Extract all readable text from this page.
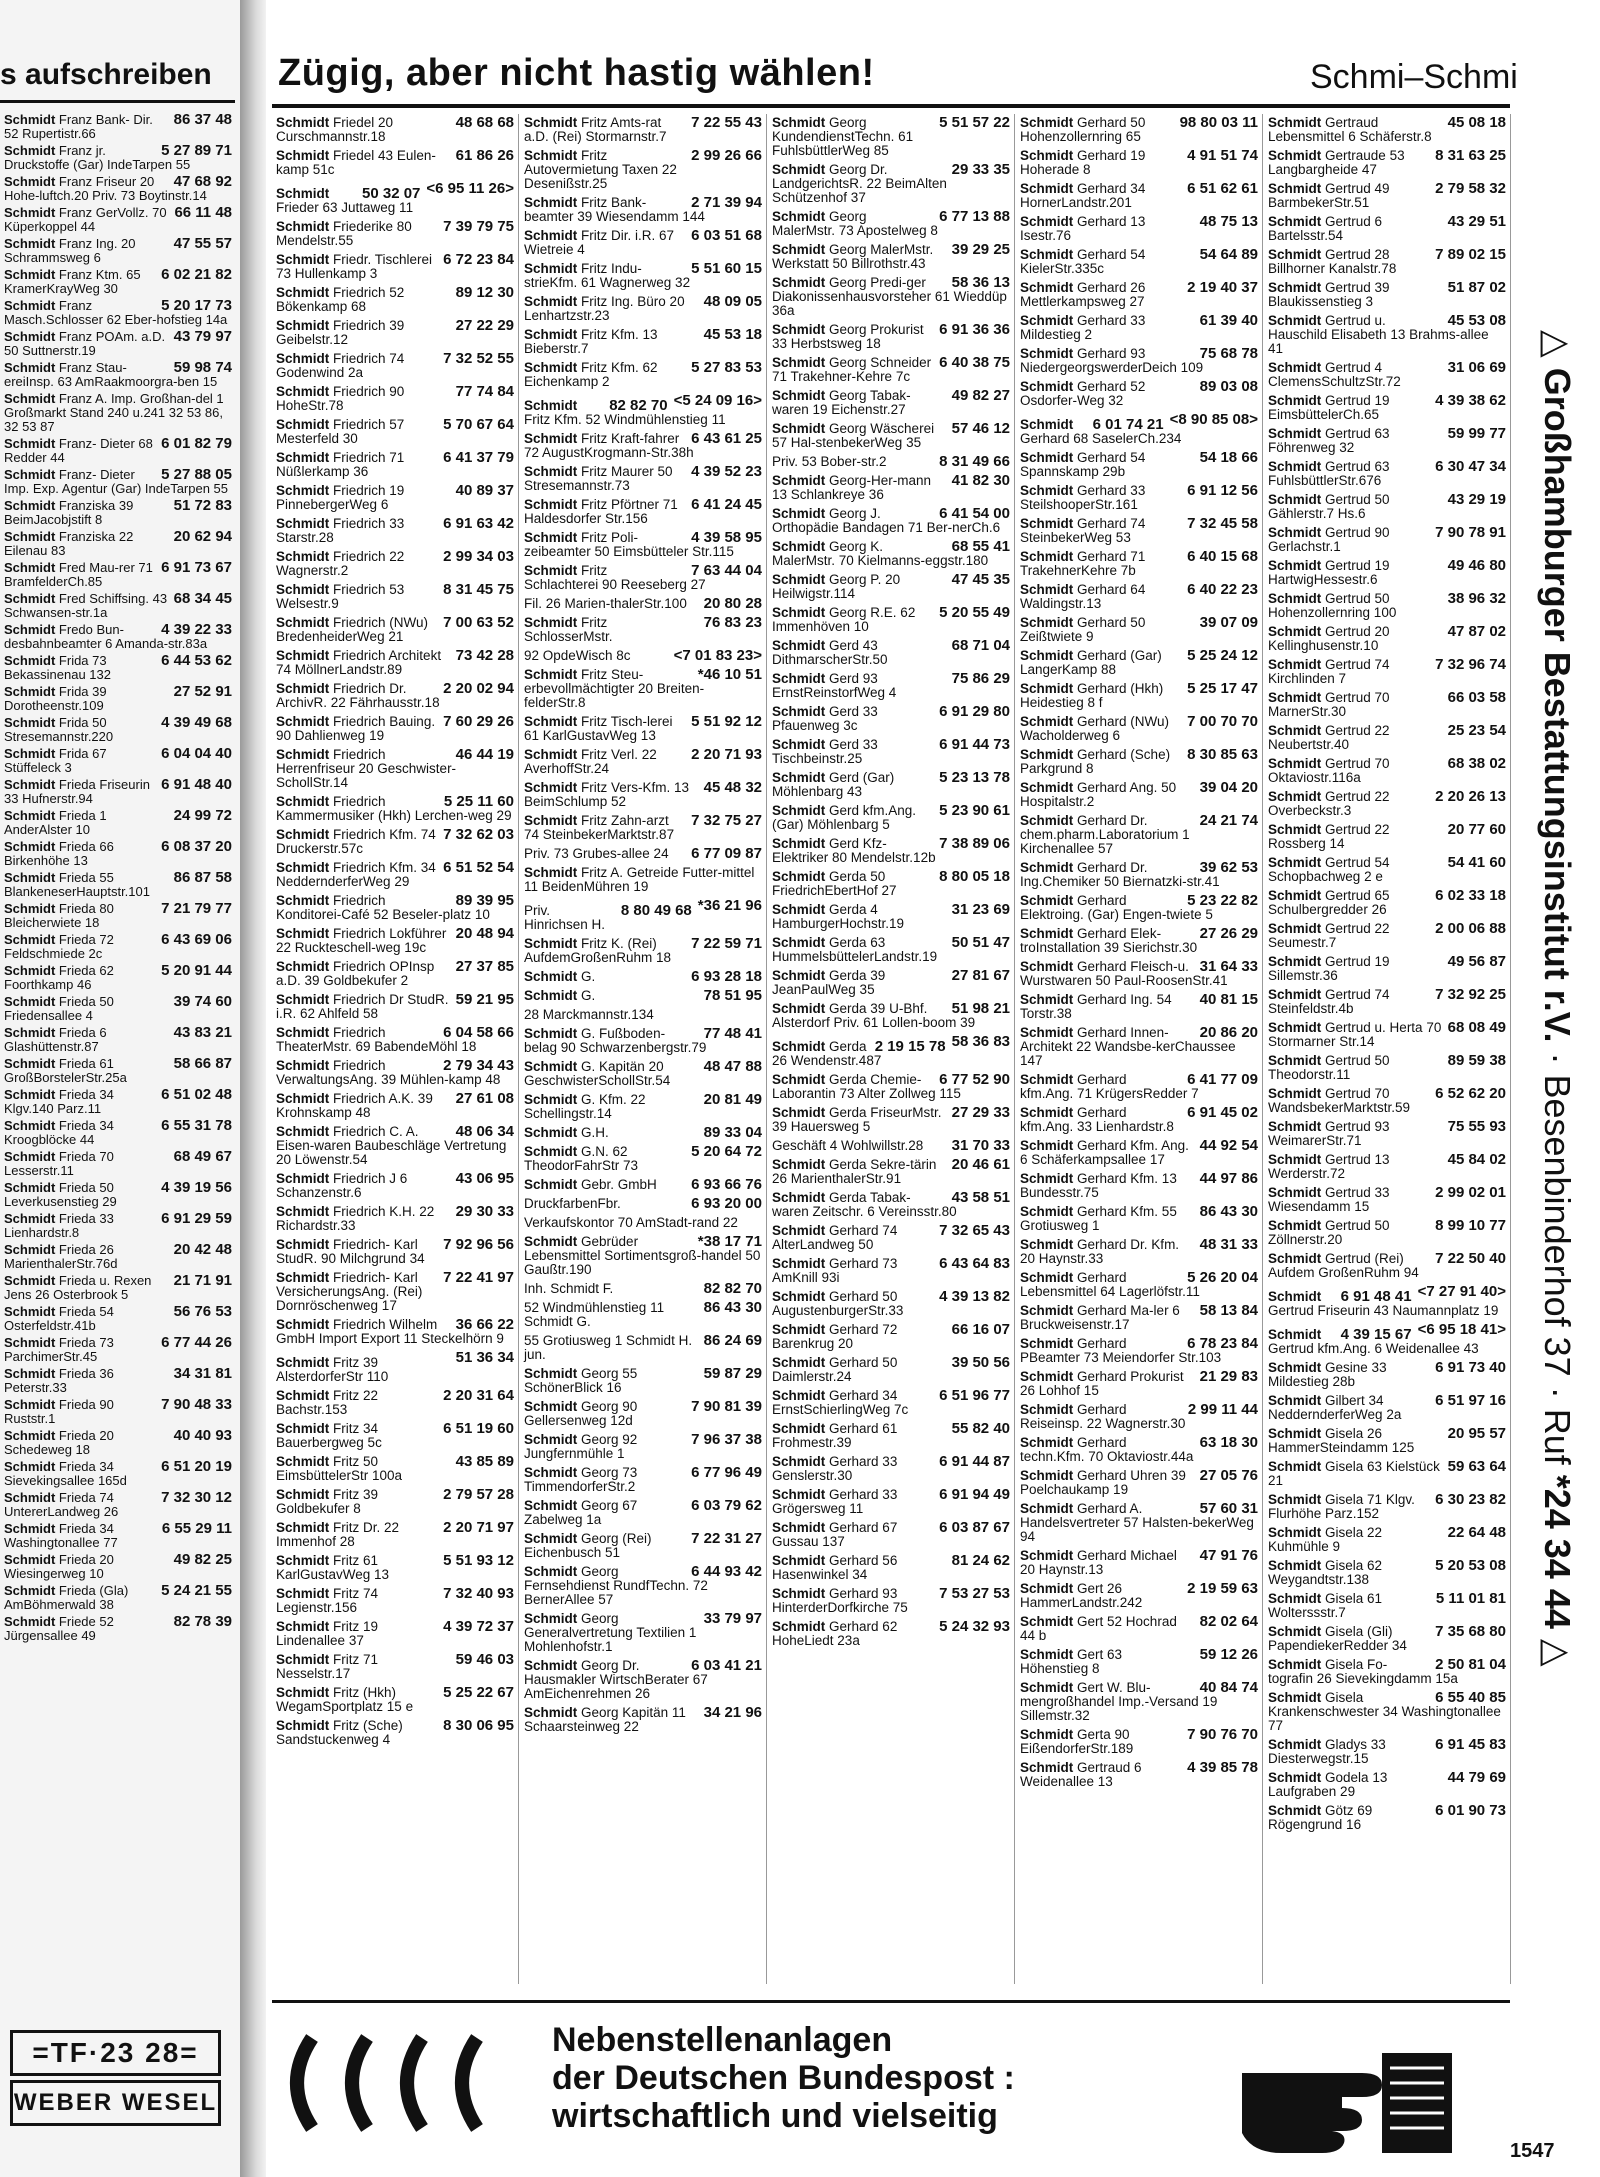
s aufschreiben
86 37 48
Schmidt Franz Bank- Dir. 52 Rupertistr.66
5 27 89 71
Schmidt Franz jr. Druckstoffe (Gar) IndeTarpen 55
47 68 92
Schmidt Franz Friseur 20 Hohe-luftch.20 Priv. 73 Boytinstr.14
66 11 48
Schmidt Franz GerVollz. 70 Küperkoppel 44
47 55 57
Schmidt Franz Ing. 20 Schrammsweg 6
6 02 21 82
Schmidt Franz Ktm. 65 KramerKrayWeg 30
5 20 17 73
Schmidt Franz Masch.Schlosser 62 Eber-hofstieg 14a
43 79 97
Schmidt Franz POAm. a.D. 50 Suttnerstr.19
59 98 74
Schmidt Franz Stau-ereiInsp. 63 AmRaakmoorgra-ben 15
Schmidt Franz A. Imp. Großhan-del 1 Großmarkt Stand 240 u.241 32 53 86, 32 53 87
6 01 82 79
Schmidt Franz- Dieter 68 Redder 44
5 27 88 05
Schmidt Franz- Dieter Imp. Exp. Agentur (Gar) IndeTarpen 55
51 72 83
Schmidt Franziska 39 BeimJacobjstift 8
20 62 94
Schmidt Franziska 22 Eilenau 83
6 91 73 67
Schmidt Fred Mau-rer 71 BramfelderCh.85
68 34 45
Schmidt Fred Schiffsing. 43 Schwansen-str.1a
4 39 22 33
Schmidt Fredo Bun-desbahnbeamter 6 Amanda-str.83a
6 44 53 62
Schmidt Frida 73 Bekassinenau 132
27 52 91
Schmidt Frida 39 Dorotheenstr.109
4 39 49 68
Schmidt Frida 50 Stresemannstr.220
6 04 04 40
Schmidt Frida 67 Stüffeleck 3
6 91 48 40
Schmidt Frieda Friseurin 33 Hufnerstr.94
24 99 72
Schmidt Frieda 1 AnderAlster 10
6 08 37 20
Schmidt Frieda 66 Birkenhöhe 13
86 87 58
Schmidt Frieda 55 BlankeneserHauptstr.101
7 21 79 77
Schmidt Frieda 80 Bleicherwiete 18
6 43 69 06
Schmidt Frieda 72 Feldschmiede 2c
5 20 91 44
Schmidt Frieda 62 Foorthkamp 46
39 74 60
Schmidt Frieda 50 Friedensallee 4
43 83 21
Schmidt Frieda 6 Glashüttenstr.87
58 66 87
Schmidt Frieda 61 GroßBorstelerStr.25a
6 51 02 48
Schmidt Frieda 34 Klgv.140 Parz.11
6 55 31 78
Schmidt Frieda 34 Kroogblöcke 44
68 49 67
Schmidt Frieda 70 Lesserstr.11
4 39 19 56
Schmidt Frieda 50 Leverkusenstieg 29
6 91 29 59
Schmidt Frieda 33 Lienhardstr.8
20 42 48
Schmidt Frieda 26 MarienthalerStr.76d
21 71 91
Schmidt Frieda u. Rexen Jens 26 Osterbrook 5
56 76 53
Schmidt Frieda 54 Osterfeldstr.41b
6 77 44 26
Schmidt Frieda 73 ParchimerStr.45
34 31 81
Schmidt Frieda 36 Peterstr.33
7 90 48 33
Schmidt Frieda 90 Ruststr.1
40 40 93
Schmidt Frieda 20 Schedeweg 18
6 51 20 19
Schmidt Frieda 34 Sievekingsallee 165d
7 32 30 12
Schmidt Frieda 74 UntererLandweg 26
6 55 29 11
Schmidt Frieda 34 Washingtonallee 77
49 82 25
Schmidt Frieda 20 Wiesingerweg 10
5 24 21 55
Schmidt Frieda (Gla) AmBöhmerwald 38
82 78 39
Schmidt Friede 52 Jürgensallee 49
Zügig, aber nicht hastig wählen!	Schmi–Schmi
48 68 68
Schmidt Friedel 20 Curschmannstr.18
61 86 26
Schmidt Friedel 43 Eulen-kamp 51c
<6 95 11 26>
50 32 07
Schmidt Frieder 63 Juttaweg 11
7 39 79 75
Schmidt Friederike 80 Mendelstr.55
6 72 23 84
Schmidt Friedr. Tischlerei 73 Hullenkamp 3
89 12 30
Schmidt Friedrich 52 Bökenkamp 68
27 22 29
Schmidt Friedrich 39 Geibelstr.12
7 32 52 55
Schmidt Friedrich 74 Godenwind 2a
77 74 84
Schmidt Friedrich 90 HoheStr.78
5 70 67 64
Schmidt Friedrich 57 Mesterfeld 30
6 41 37 79
Schmidt Friedrich 71 Nüßlerkamp 36
40 89 37
Schmidt Friedrich 19 PinnebergerWeg 6
6 91 63 42
Schmidt Friedrich 33 Starstr.28
2 99 34 03
Schmidt Friedrich 22 Wagnerstr.2
8 31 45 75
Schmidt Friedrich 53 Welsestr.9
7 00 63 52
Schmidt Friedrich (NWu) BredenheiderWeg 21
73 42 28
Schmidt Friedrich Architekt 74 MöllnerLandstr.89
2 20 02 94
Schmidt Friedrich Dr. ArchivR. 22 Fährhausstr.18
7 60 29 26
Schmidt Friedrich Bauing. 90 Dahlienweg 19
46 44 19
Schmidt Friedrich Herrenfriseur 20 Geschwister-SchollStr.14
5 25 11 60
Schmidt Friedrich Kammermusiker (Hkh) Lerchen-weg 29
7 32 62 03
Schmidt Friedrich Kfm. 74 Druckerstr.57c
6 51 52 54
Schmidt Friedrich Kfm. 34 NeddernderferWeg 29
89 39 95
Schmidt Friedrich Konditorei-Café 52 Beseler-platz 10
20 48 94
Schmidt Friedrich Lokführer 22 Ruckteschell-weg 19c
27 37 85
Schmidt Friedrich OPInsp a.D. 39 Goldbekufer 2
59 21 95
Schmidt Friedrich Dr StudR. i.R. 62 Ahlfeld 58
6 04 58 66
Schmidt Friedrich TheaterMstr. 69 BabendeMöhl 18
2 79 34 43
Schmidt Friedrich VerwaltungsAng. 39 Mühlen-kamp 48
27 61 08
Schmidt Friedrich A.K. 39 Krohnskamp 48
48 06 34
Schmidt Friedrich C. A. Eisen-waren Baubeschläge Vertretung 20 Löwenstr.54
43 06 95
Schmidt Friedrich J 6 Schanzenstr.6
29 30 33
Schmidt Friedrich K.H. 22 Richardstr.33
7 92 96 56
Schmidt Friedrich- Karl StudR. 90 Milchgrund 34
7 22 41 97
Schmidt Friedrich- Karl VersicherungsAng. (Rei) Dornröschenweg 17
36 66 22
Schmidt Friedrich Wilhelm GmbH Import Export 11 Steckelhörn 9
51 36 34
Schmidt Fritz 39 AlsterdorferStr 110
2 20 31 64
Schmidt Fritz 22 Bachstr.153
6 51 19 60
Schmidt Fritz 34 Bauerbergweg 5c
43 85 89
Schmidt Fritz 50 EimsbüttelerStr 100a
2 79 57 28
Schmidt Fritz 39 Goldbekufer 8
2 20 71 97
Schmidt Fritz Dr. 22 Immenhof 28
5 51 93 12
Schmidt Fritz 61 KarlGustavWeg 13
7 32 40 93
Schmidt Fritz 74 Legienstr.156
4 39 72 37
Schmidt Fritz 19 Lindenallee 37
59 46 03
Schmidt Fritz 71 Nesselstr.17
5 25 22 67
Schmidt Fritz (Hkh) WegamSportplatz 15 e
8 30 06 95
Schmidt Fritz (Sche) Sandstuckenweg 4
7 22 55 43
Schmidt Fritz Amts-rat a.D. (Rei) Stormarnstr.7
2 99 26 66
Schmidt Fritz Autovermietung Taxen 22 Desenißstr.25
2 71 39 94
Schmidt Fritz Bank-beamter 39 Wiesendamm 144
6 03 51 68
Schmidt Fritz Dir. i.R. 67 Wietreie 4
5 51 60 15
Schmidt Fritz Indu-strieKfm. 61 Wagnerweg 32
48 09 05
Schmidt Fritz Ing. Büro 20 Lenhartzstr.23
45 53 18
Schmidt Fritz Kfm. 13 Bieberstr.7
5 27 83 53
Schmidt Fritz Kfm. 62 Eichenkamp 2
<5 24 09 16>
82 82 70
Schmidt Fritz Kfm. 52 Windmühlenstieg 11
6 43 61 25
Schmidt Fritz Kraft-fahrer 72 AugustKrogmann-Str.38h
4 39 52 23
Schmidt Fritz Maurer 50 Stresemannstr.73
6 41 24 45
Schmidt Fritz Pförtner 71 Haldesdorfer Str.156
4 39 58 95
Schmidt Fritz Poli-zeibeamter 50 Eimsbütteler Str.115
7 63 44 04
Schmidt Fritz Schlachterei 90 Reeseberg 27
20 80 28
Fil. 26 Marien-thalerStr.100
76 83 23
Schmidt Fritz SchlosserMstr.
<7 01 83 23>
92 OpdeWisch 8c
*46 10 51
Schmidt Fritz Steu-erbevollmächtigter 20 Breiten-felderStr.8
5 51 92 12
Schmidt Fritz Tisch-lerei 61 KarlGustavWeg 13
2 20 71 93
Schmidt Fritz Verl. 22 AverhoffStr.24
45 48 32
Schmidt Fritz Vers-Kfm. 13 BeimSchlump 52
7 32 75 27
Schmidt Fritz Zahn-arzt 74 SteinbekerMarktstr.87
6 77 09 87
Priv. 73 Grubes-allee 24
Schmidt Fritz A. Getreide Futter-mittel 11 BeidenMühren 19
*36 21 96
8 80 49 68
Priv. Hinrichsen H.
7 22 59 71
Schmidt Fritz K. (Rei) AufdemGroßenRuhm 18
6 93 28 18
Schmidt G.
78 51 95
Schmidt G.
28 Marckmannstr.134
77 48 41
Schmidt G. Fußboden-belag 90 Schwarzenbergstr.79
48 47 88
Schmidt G. Kapitän 20 GeschwisterSchollStr.54
20 81 49
Schmidt G. Kfm. 22 Schellingstr.14
89 33 04
Schmidt G.H.
5 20 64 72
Schmidt G.N. 62 TheodorFahrStr 73
6 93 66 76
Schmidt Gebr. GmbH
6 93 20 00
DruckfarbenFbr.
Verkaufskontor 70 AmStadt-rand 22
*38 17 71
Schmidt Gebrüder Lebensmittel Sortimentsgroß-handel 50 Gaußtr.190
82 82 70
Inh. Schmidt F.
86 43 30
52 Windmühlenstieg 11 Schmidt G.
86 24 69
55 Grotiusweg 1 Schmidt H. jun.
59 87 29
Schmidt Georg 55 SchönerBlick 16
7 90 81 39
Schmidt Georg 90 Gellersenweg 12d
7 96 37 38
Schmidt Georg 92 Jungfernmühle 1
6 77 96 49
Schmidt Georg 73 TimmendorferStr.2
6 03 79 62
Schmidt Georg 67 Zabelweg 1a
7 22 31 27
Schmidt Georg (Rei) Eichenbusch 51
6 44 93 42
Schmidt Georg Fernsehdienst RundfTechn. 72 BernerAllee 57
33 79 97
Schmidt Georg Generalvertretung Textilien 1 Mohlenhofstr.1
6 03 41 21
Schmidt Georg Dr. Hausmakler WirtschBerater 67 AmEichenrehmen 26
34 21 96
Schmidt Georg Kapitän 11 Schaarsteinweg 22
5 51 57 22
Schmidt Georg KundendienstTechn. 61 FuhlsbüttlerWeg 85
29 33 35
Schmidt Georg Dr. LandgerichtsR. 22 BeimAlten Schützenhof 37
6 77 13 88
Schmidt Georg MalerMstr. 73 Apostelweg 8
39 29 25
Schmidt Georg MalerMstr. Werkstatt 50 Billrothstr.43
58 36 13
Schmidt Georg Predi-ger Diakonissenhausvorsteher 61 Wieddüp 36a
6 91 36 36
Schmidt Georg Prokurist 33 Herbstsweg 18
6 40 38 75
Schmidt Georg Schneider 71 Trakehner-Kehre 7c
49 82 27
Schmidt Georg Tabak-waren 19 Eichenstr.27
57 46 12
Schmidt Georg Wäscherei 57 Hal-stenbekerWeg 35
8 31 49 66
Priv. 53 Bober-str.2
41 82 30
Schmidt Georg-Her-mann 13 Schlankreye 36
6 41 54 00
Schmidt Georg J. Orthopädie Bandagen 71 Ber-nerCh.6
68 55 41
Schmidt Georg K. MalerMstr. 70 Kielmanns-eggstr.180
47 45 35
Schmidt Georg P. 20 Heilwigstr.114
5 20 55 49
Schmidt Georg R.E. 62 Immenhöven 10
68 71 04
Schmidt Gerd 43 DithmarscherStr.50
75 86 29
Schmidt Gerd 93 ErnstReinstorfWeg 4
6 91 29 80
Schmidt Gerd 33 Pfauenweg 3c
6 91 44 73
Schmidt Gerd 33 Tischbeinstr.25
5 23 13 78
Schmidt Gerd (Gar) Möhlenbarg 43
5 23 90 61
Schmidt Gerd kfm.Ang. (Gar) Möhlenbarg 5
7 38 89 06
Schmidt Gerd Kfz-Elektriker 80 Mendelstr.12b
8 80 05 18
Schmidt Gerda 50 FriedrichEbertHof 27
31 23 69
Schmidt Gerda 4 HamburgerHochstr.19
50 51 47
Schmidt Gerda 63 HummelsbüttelerLandstr.19
27 81 67
Schmidt Gerda 39 JeanPaulWeg 35
51 98 21
Schmidt Gerda 39 U-Bhf. Alsterdorf Priv. 61 Lollen-boom 39
58 36 83
2 19 15 78
Schmidt Gerda 26 Wendenstr.487
6 77 52 90
Schmidt Gerda Chemie-Laborantin 73 Alter Zollweg 115
27 29 33
Schmidt Gerda FriseurMstr. 39 Hauersweg 5
31 70 33
Geschäft 4 Wohlwillstr.28
20 46 61
Schmidt Gerda Sekre-tärin 26 MarienthalerStr.91
43 58 51
Schmidt Gerda Tabak-waren Zeitschr. 6 Vereinsstr.80
7 32 65 43
Schmidt Gerhard 74 AlterLandweg 50
6 43 64 83
Schmidt Gerhard 73 AmKnill 93i
4 39 13 82
Schmidt Gerhard 50 AugustenburgerStr.33
66 16 07
Schmidt Gerhard 72 Barenkrug 20
39 50 56
Schmidt Gerhard 50 Daimlerstr.24
6 51 96 77
Schmidt Gerhard 34 ErnstSchierlingWeg 7c
55 82 40
Schmidt Gerhard 61 Frohmestr.39
6 91 44 87
Schmidt Gerhard 33 Genslerstr.30
6 91 94 49
Schmidt Gerhard 33 Grögersweg 11
6 03 87 67
Schmidt Gerhard 67 Gussau 137
81 24 62
Schmidt Gerhard 56 Hasenwinkel 34
7 53 27 53
Schmidt Gerhard 93 HinterderDorfkirche 75
5 24 32 93
Schmidt Gerhard 62 HoheLiedt 23a
98 80 03 11
Schmidt Gerhard 50 Hohenzollernring 65
4 91 51 74
Schmidt Gerhard 19 Hoherade 8
6 51 62 61
Schmidt Gerhard 34 HornerLandstr.201
48 75 13
Schmidt Gerhard 13 Isestr.76
54 64 89
Schmidt Gerhard 54 KielerStr.335c
2 19 40 37
Schmidt Gerhard 26 Mettlerkampsweg 27
61 39 40
Schmidt Gerhard 33 Mildestieg 2
75 68 78
Schmidt Gerhard 93 NiedergeorgswerderDeich 109
89 03 08
Schmidt Gerhard 52 Osdorfer-Weg 32
<8 90 85 08>
6 01 74 21
Schmidt Gerhard 68 SaselerCh.234
54 18 66
Schmidt Gerhard 54 Spannskamp 29b
6 91 12 56
Schmidt Gerhard 33 SteilshooperStr.161
7 32 45 58
Schmidt Gerhard 74 SteinbekerWeg 53
6 40 15 68
Schmidt Gerhard 71 TrakehnerKehre 7b
6 40 22 23
Schmidt Gerhard 64 Waldingstr.13
39 07 09
Schmidt Gerhard 50 Zeißtwiete 9
5 25 24 12
Schmidt Gerhard (Gar) LangerKamp 88
5 25 17 47
Schmidt Gerhard (Hkh) Heidestieg 8 f
7 00 70 70
Schmidt Gerhard (NWu) Wacholderweg 6
8 30 85 63
Schmidt Gerhard (Sche) Parkgrund 8
39 04 20
Schmidt Gerhard Ang. 50 Hospitalstr.2
24 21 74
Schmidt Gerhard Dr. chem.pharm.Laboratorium 1 Kirchenallee 57
39 62 53
Schmidt Gerhard Dr. Ing.Chemiker 50 Biernatzki-str.41
5 23 22 82
Schmidt Gerhard Elektroing. (Gar) Engen-twiete 5
27 26 29
Schmidt Gerhard Elek-troInstallation 39 Sierichstr.30
31 64 33
Schmidt Gerhard Fleisch-u. Wurstwaren 50 Paul-RoosenStr.41
40 81 15
Schmidt Gerhard Ing. 54 Torstr.38
20 86 20
Schmidt Gerhard Innen-Architekt 22 Wandsbe-kerChaussee 147
6 41 77 09
Schmidt Gerhard kfm.Ang. 71 KrügersRedder 7
6 91 45 02
Schmidt Gerhard kfm.Ang. 33 Lienhardstr.8
44 92 54
Schmidt Gerhard Kfm. Ang. 6 Schäferkampsallee 17
44 97 86
Schmidt Gerhard Kfm. 13 Bundesstr.75
86 43 30
Schmidt Gerhard Kfm. 55 Grotiusweg 1
48 31 33
Schmidt Gerhard Dr. Kfm. 20 Haynstr.33
5 26 20 04
Schmidt Gerhard Lebensmittel 64 Lagerlöfstr.11
58 13 84
Schmidt Gerhard Ma-ler 6 Bruckweisenstr.17
6 78 23 84
Schmidt Gerhard PBeamter 73 Meiendorfer Str.103
21 29 83
Schmidt Gerhard Prokurist 26 Lohhof 15
2 99 11 44
Schmidt Gerhard Reiseinsp. 22 Wagnerstr.30
63 18 30
Schmidt Gerhard techn.Kfm. 70 Oktaviostr.44a
27 05 76
Schmidt Gerhard Uhren 39 Poelchaukamp 19
57 60 31
Schmidt Gerhard A. Handelsvertreter 57 Halsten-bekerWeg 94
47 91 76
Schmidt Gerhard Michael 20 Haynstr.13
2 19 59 63
Schmidt Gert 26 HammerLandstr.242
82 02 64
Schmidt Gert 52 Hochrad 44 b
59 12 26
Schmidt Gert 63 Höhenstieg 8
40 84 74
Schmidt Gert W. Blu-mengroßhandel Imp.-Versand 19 Sillemstr.32
7 90 76 70
Schmidt Gerta 90 EißendorferStr.189
4 39 85 78
Schmidt Gertraud 6 Weidenallee 13
45 08 18
Schmidt Gertraud Lebensmittel 6 Schäferstr.8
8 31 63 25
Schmidt Gertraude 53 Langbargheide 47
2 79 58 32
Schmidt Gertrud 49 BarmbekerStr.51
43 29 51
Schmidt Gertrud 6 Bartelsstr.54
7 89 02 15
Schmidt Gertrud 28 Billhorner Kanalstr.78
51 87 02
Schmidt Gertrud 39 Blaukissenstieg 3
45 53 08
Schmidt Gertrud u. Hauschild Elisabeth 13 Brahms-allee 41
31 06 69
Schmidt Gertrud 4 ClemensSchultzStr.72
4 39 38 62
Schmidt Gertrud 19 EimsbüttelerCh.65
59 99 77
Schmidt Gertrud 63 Föhrenweg 32
6 30 47 34
Schmidt Gertrud 63 FuhlsbüttlerStr.676
43 29 19
Schmidt Gertrud 50 Gählerstr.7 Hs.6
7 90 78 91
Schmidt Gertrud 90 Gerlachstr.1
49 46 80
Schmidt Gertrud 19 HartwigHessestr.6
38 96 32
Schmidt Gertrud 50 Hohenzollernring 100
47 87 02
Schmidt Gertrud 20 Kellinghusenstr.10
7 32 96 74
Schmidt Gertrud 74 Kirchlinden 7
66 03 58
Schmidt Gertrud 70 MarnerStr.30
25 23 54
Schmidt Gertrud 22 Neubertstr.40
68 38 02
Schmidt Gertrud 70 Oktaviostr.116a
2 20 26 13
Schmidt Gertrud 22 Overbeckstr.3
20 77 60
Schmidt Gertrud 22 Rossberg 14
54 41 60
Schmidt Gertrud 54 Schopbachweg 2 e
6 02 33 18
Schmidt Gertrud 65 Schulbergredder 26
2 00 06 88
Schmidt Gertrud 22 Seumestr.7
49 56 87
Schmidt Gertrud 19 Sillemstr.36
7 32 92 25
Schmidt Gertrud 74 Steinfeldstr.4b
68 08 49
Schmidt Gertrud u. Herta 70 Stormarner Str.14
89 59 38
Schmidt Gertrud 50 Theodorstr.11
6 52 62 20
Schmidt Gertrud 70 WandsbekerMarktstr.59
75 55 93
Schmidt Gertrud 93 WeimarerStr.71
45 84 02
Schmidt Gertrud 13 Werderstr.72
2 99 02 01
Schmidt Gertrud 33 Wiesendamm 15
8 99 10 77
Schmidt Gertrud 50 Zöllnerstr.20
7 22 50 40
Schmidt Gertrud (Rei) Aufdem GroßenRuhm 94
<7 27 91 40>
6 91 48 41
Schmidt Gertrud Friseurin 43 Naumannplatz 19
<6 95 18 41>
4 39 15 67
Schmidt Gertrud kfm.Ang. 6 Weidenallee 43
6 91 73 40
Schmidt Gesine 33 Mildestieg 28b
6 51 97 16
Schmidt Gilbert 34 NeddernderferWeg 2a
20 95 57
Schmidt Gisela 26 HammerSteindamm 125
59 63 64
Schmidt Gisela 63 Kielstück 21
6 30 23 82
Schmidt Gisela 71 Klgv. Flurhöhe Parz.152
22 64 48
Schmidt Gisela 22 Kuhmühle 9
5 20 53 08
Schmidt Gisela 62 Weygandtstr.138
5 11 01 81
Schmidt Gisela 61 Wolterssstr.7
7 35 68 80
Schmidt Gisela (Gli) PapendiekerRedder 34
2 50 81 04
Schmidt Gisela Fo-tografin 26 Sievekingdamm 15a
6 55 40 85
Schmidt Gisela Krankenschwester 34 Washingtonallee 77
6 91 45 83
Schmidt Gladys 33 Diesterwegstr.15
44 79 69
Schmidt Godela 13 Laufgraben 29
6 01 90 73
Schmidt Götz 69 Rögengrund 16
△ Großhamburger Bestattungsinstitut r.V. · Besenbinderhof 37 · Ruf *24 34 44 △
=TF·23 28=
WEBER WESEL
Nebenstellenanlagen
der Deutschen Bundespost :
wirtschaftlich und vielseitig
1547
